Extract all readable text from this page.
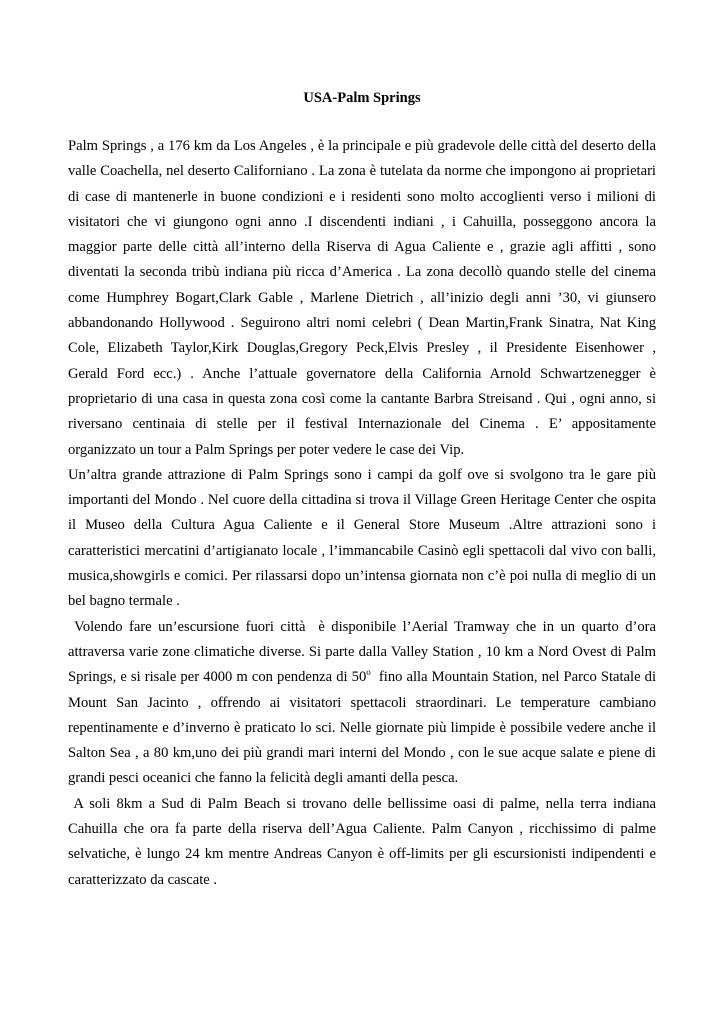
USA-Palm Springs
Palm Springs , a 176 km da Los Angeles , è la principale e più gradevole delle città del deserto della
valle Coachella, nel deserto Californiano . La zona è tutelata da norme che impongono ai proprietari
di case di mantenerle in buone condizioni e i residenti sono molto accoglienti verso i milioni di
visitatori che vi giungono ogni anno .I discendenti indiani , i Cahuilla, posseggono ancora la
maggior parte delle città all’interno della Riserva di Agua Caliente e , grazie agli affitti , sono
diventati la seconda tribù indiana più ricca d’America . La zona decollò quando stelle del cinema
come Humphrey Bogart,Clark Gable , Marlene Dietrich , all’inizio degli anni ’30, vi giunsero
abbandonando Hollywood . Seguirono altri nomi celebri ( Dean Martin,Frank Sinatra, Nat King
Cole, Elizabeth Taylor,Kirk Douglas,Gregory Peck,Elvis Presley , il Presidente Eisenhower ,
Gerald Ford ecc.) . Anche l’attuale governatore della California Arnold Schwartzenegger è
proprietario di una casa in questa zona così come la cantante Barbra Streisand . Qui , ogni anno, si
riversano centinaia di stelle per il festival Internazionale del Cinema . E’ appositamente
organizzato un tour a Palm Springs per poter vedere le case dei Vip.
Un’altra grande attrazione di Palm Springs sono i campi da golf ove si svolgono tra le gare più
importanti del Mondo . Nel cuore della cittadina si trova il Village Green Heritage Center che ospita
il Museo della Cultura Agua Caliente e il General Store Museum .Altre attrazioni sono i
caratteristici mercatini d’artigianato locale , l’immancabile Casinò egli spettacoli dal vivo con balli,
musica,showgirls e comici. Per rilassarsi dopo un’intensa giornata non c’è poi nulla di meglio di un
bel bagno termale .
Volendo fare un’escursione fuori città  è disponibile l’Aerial Tramway che in un quarto d’ora
attraversa varie zone climatiche diverse. Si parte dalla Valley Station , 10 km a Nord Ovest di Palm
Springs, e si risale per 4000 m con pendenza di 50$^o$  fino alla Mountain Station, nel Parco Statale di
Mount San Jacinto , offrendo ai visitatori spettacoli straordinari. Le temperature cambiano
repentinamente e d’inverno è praticato lo sci. Nelle giornate più limpide è possibile vedere anche il
Salton Sea , a 80 km,uno dei più grandi mari interni del Mondo , con le sue acque salate e piene di
grandi pesci oceanici che fanno la felicità degli amanti della pesca.
A soli 8km a Sud di Palm Beach si trovano delle bellissime oasi di palme, nella terra indiana
Cahuilla che ora fa parte della riserva dell’Agua Caliente. Palm Canyon , ricchissimo di palme
selvatiche, è lungo 24 km mentre Andreas Canyon è off-limits per gli escursionisti indipendenti e
caratterizzato da cascate .
